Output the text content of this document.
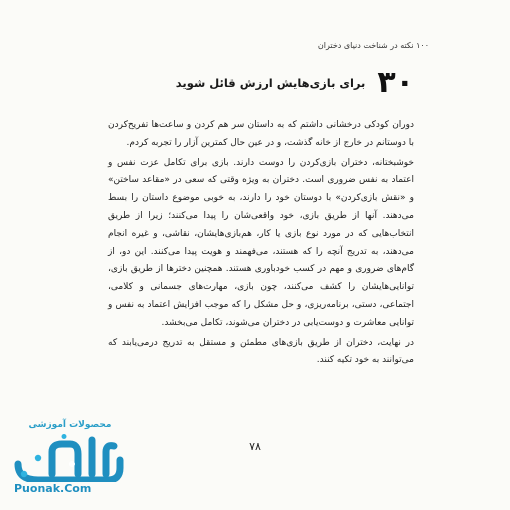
۱۰۰ نکته در شناخت دنیای دختران
۳۰
برای بازی‌هایش ارزش قائل شوید

دوران کودکی درخشانی داشتم که به داستان سر هم کردن و ساعت‌ها تفریح‌کردن با دوستانم در خارج از خانه گذشت، و در عین حال کمترین آزار را تجربه کردم.

خوشبختانه، دختران بازی‌کردن را دوست دارند. بازی برای تکامل عزت نفس و اعتماد به نفس ضروری است. دختران به ویژه وقتی که سعی در «مقاعد ساختن» و «نقش بازی‌کردن» با دوستان خود را دارند، به خوبی موضوع داستان را بسط می‌دهند. آنها از طریق بازی، خود واقعی‌شان را پیدا می‌کنند؛ زیرا از طریق انتخاب‌هایی که در مورد نوع بازی یا کار، هم‌بازی‌هایشان، نقاشی، و غیره انجام می‌دهند، به تدریج آنچه را که هستند، می‌فهمند و هویت پیدا می‌کنند. این دو، از گام‌های ضروری و مهم در کسب خودباوری هستند. همچنین دخترها از طریق بازی، توانایی‌هایشان را کشف می‌کنند، چون بازی، مهارت‌های جسمانی و کلامی، اجتماعی، دستی، برنامه‌ریزی، و حل مشکل را که موجب افزایش اعتماد به نفس و توانایی معاشرت و دوست‌یابی در دختران می‌شوند، تکامل می‌بخشد.

در نهایت، دختران از طریق بازی‌های مطمئن و مستقل به تدریج درمی‌یابند که می‌توانند به خود تکیه کنند.

۷۸
محصولات آموزشی
Puonak.Com
